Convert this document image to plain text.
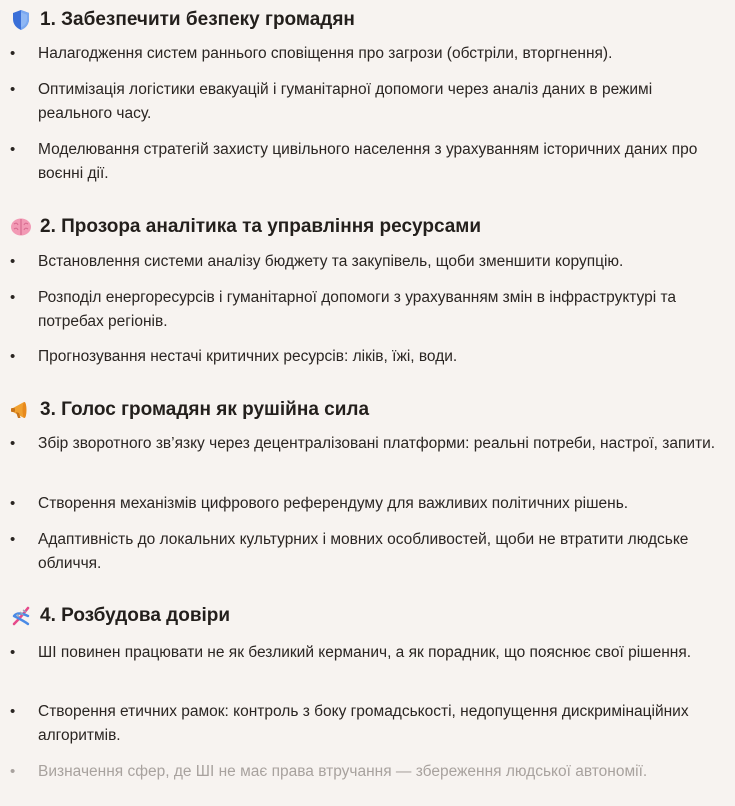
1. Забезпечити безпеку громадян
• Налагодження систем раннього сповіщення про загрози (обстріли, вторгнення).
• Оптимізація логістики евакуацій і гуманітарної допомоги через аналіз даних в режимі реального часу.
• Моделювання стратегій захисту цивільного населення з урахуванням історичних даних про воєнні дії.
2. Прозора аналітика та управління ресурсами
• Встановлення системи аналізу бюджету та закупівель, щоби зменшити корупцію.
• Розподіл енергоресурсів і гуманітарної допомоги з урахуванням змін в інфраструктурі та потребах регіонів.
• Прогнозування нестачі критичних ресурсів: ліків, їжі, води.
3. Голос громадян як рушійна сила
• Збір зворотного зв’язку через децентралізовані платформи: реальні потреби, настрої, запити.
• Створення механізмів цифрового референдуму для важливих політичних рішень.
• Адаптивність до локальних культурних і мовних особливостей, щоби не втратити людське обличчя.
4. Розбудова довіри
• ШІ повинен працювати не як безликий керманич, а як порадник, що пояснює свої рішення.
• Створення етичних рамок: контроль з боку громадськості, недопущення дискримінаційних алгоритмів.
• Визначення сфер, де ШІ не має права втручання — збереження людської автономії.
